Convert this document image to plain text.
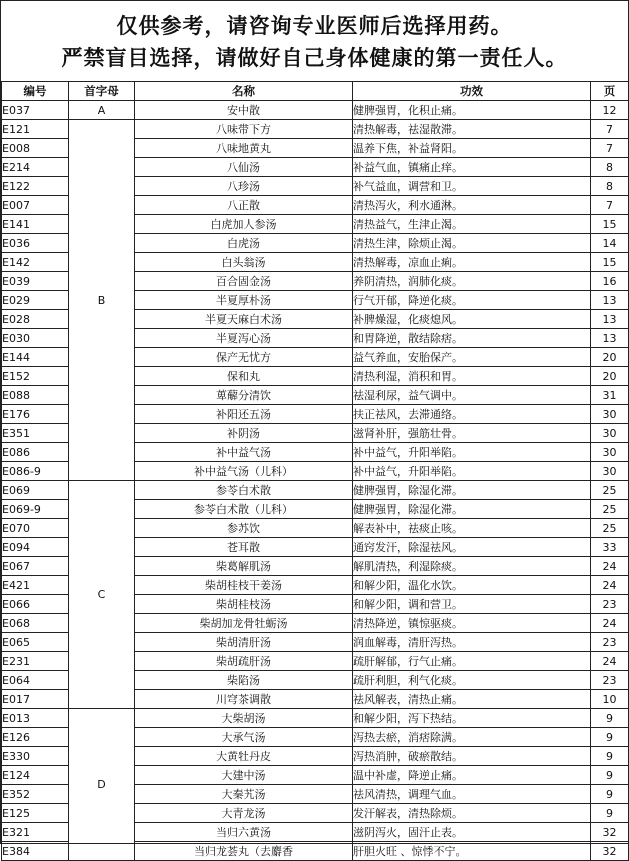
仅供参考，请咨询专业医师后选择用药。
严禁盲目选择，请做好自己身体健康的第一责任人。
编号	首字母	名称	功效	页
E037	A	安中散	健脾强胃，化积止痛。	12
E121	B	八味带下方	清热解毒，祛湿散滞。	7
E008		八味地黄丸	温养下焦，补益肾阳。	7
E214		八仙汤	补益气血，镇痛止痒。	8
E122		八珍汤	补气益血，调营和卫。	8
E007		八正散	清热泻火，利水通淋。	7
E141		白虎加人参汤	清热益气，生津止渴。	15
E036		白虎汤	清热生津，除烦止渴。	14
E142		白头翁汤	清热解毒，凉血止痢。	15
E039		百合固金汤	养阴清热，润肺化痰。	16
E029		半夏厚朴汤	行气开郁，降逆化痰。	13
E028		半夏天麻白术汤	补脾燥湿，化痰熄风。	13
E030		半夏泻心汤	和胃降逆，散结除痞。	13
E144		保产无忧方	益气养血，安胎保产。	20
E152		保和丸	清热利湿，消积和胃。	20
E088		萆薢分清饮	祛湿利尿，益气调中。	31
E176		补阳还五汤	扶正祛风，去滞通络。	30
E351		补阴汤	滋肾补肝，强筋壮骨。	30
E086		补中益气汤	补中益气，升阳举陷。	30
E086-9		补中益气汤（儿科）	补中益气，升阳举陷。	30
E069	C	参苓白术散	健脾强胃，除湿化滞。	25
E069-9		参苓白术散（儿科）	健脾强胃，除湿化滞。	25
E070		参苏饮	解表补中，祛痰止咳。	25
E094		苍耳散	通窍发汗，除湿祛风。	33
E067		柴葛解肌汤	解肌清热，利湿除痰。	24
E421		柴胡桂枝干姜汤	和解少阳，温化水饮。	24
E066		柴胡桂枝汤	和解少阳，调和营卫。	23
E068		柴胡加龙骨牡蛎汤	清热降逆，镇惊驱痰。	24
E065		柴胡清肝汤	润血解毒，清肝泻热。	23
E231		柴胡疏肝汤	疏肝解郁，行气止痛。	24
E064		柴陷汤	疏肝利胆，利气化痰。	23
E017		川穹茶调散	祛风解表，清热止痛。	10
E013	D	大柴胡汤	和解少阳，泻下热结。	9
E126		大承气汤	泻热去瘀，消痞除满。	9
E330		大黄牡丹皮	泻热消肿，破瘀散结。	9
E124		大建中汤	温中补虚，降逆止痛。	9
E352		大秦艽汤	祛风清热，调理气血。	9
E125		大青龙汤	发汗解表，清热除烦。	9
E321		当归六黄汤	滋阴泻火，固汗止表。	32
E384		当归龙荟丸（去麝香	肝胆火旺 、惊悸不宁。	32
